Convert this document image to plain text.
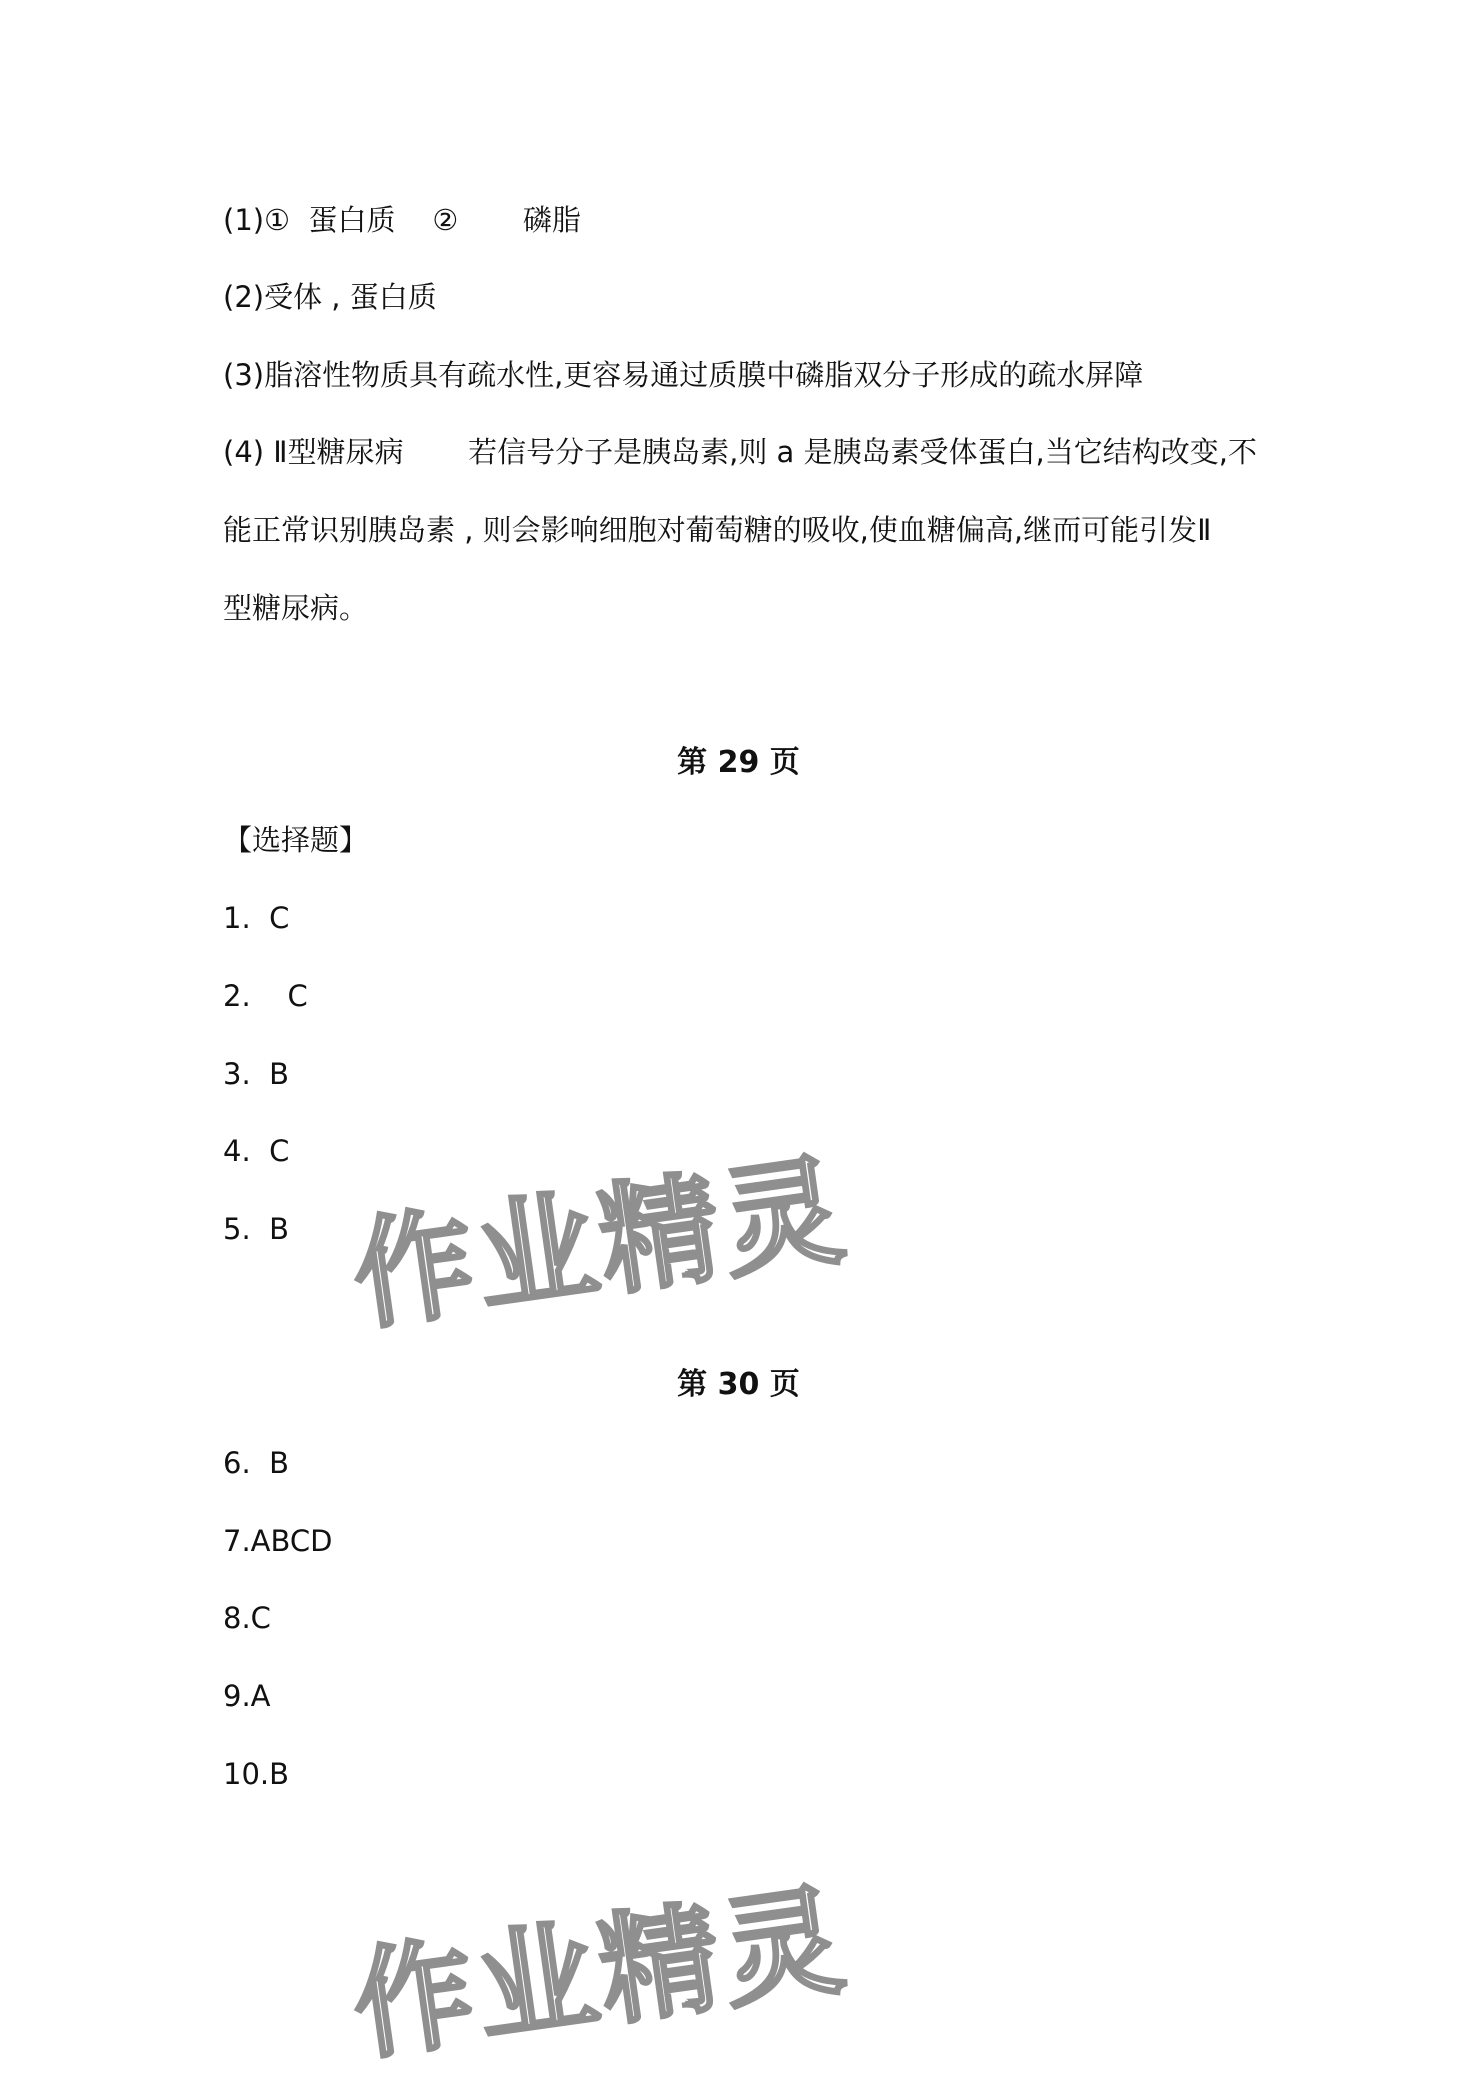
(1)①  蛋白质    ②       磷脂
(2)受体 , 蛋白质
(3)脂溶性物质具有疏水性,更容易通过质膜中磷脂双分子形成的疏水屏障
(4) Ⅱ型糖尿病       若信号分子是胰岛素,则 a 是胰岛素受体蛋白,当它结构改变,不
能正常识别胰岛素 , 则会影响细胞对葡萄糖的吸收,使血糖偏高,继而可能引发Ⅱ
型糖尿病。
第 29 页
【选择题】
1.  C
2.    C
3.  B
4.  C
5.  B
第 30 页
6.  B
7.ABCD
8.C
9.A
10.B
作业精灵
作业精灵
